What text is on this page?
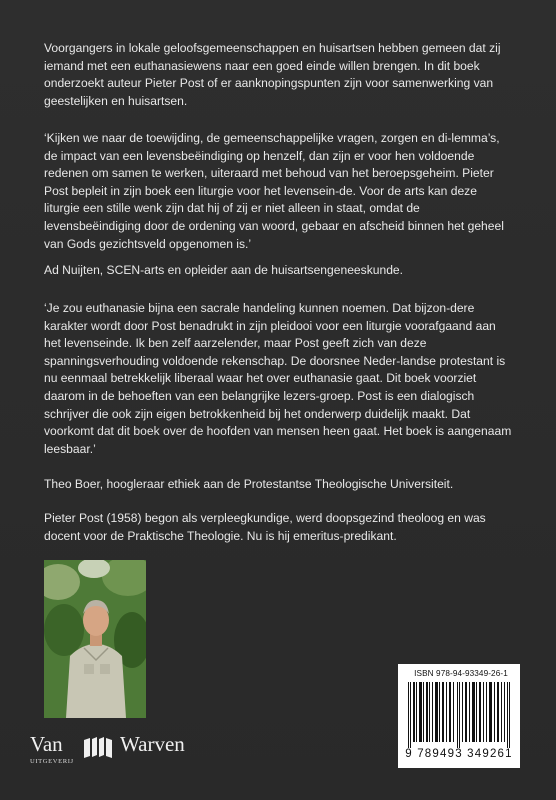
Voorgangers in lokale geloofsgemeenschappen en huisartsen hebben gemeen dat zij iemand met een euthanasiewens naar een goed einde willen brengen. In dit boek onderzoekt auteur Pieter Post of er aanknopingspunten zijn voor samenwerking van geestelijken en huisartsen.

‘Kijken we naar de toewijding, de gemeenschappelijke vragen, zorgen en di-lemma’s, de impact van een levensbeëindiging op henzelf, dan zijn er voor hen voldoende redenen om samen te werken, uiteraard met behoud van het beroepsgeheim. Pieter Post bepleit in zijn boek een liturgie voor het levensein-de. Voor de arts kan deze liturgie een stille wenk zijn dat hij of zij er niet alleen in staat, omdat de levensbeëindiging door de ordening van woord, gebaar en afscheid binnen het geheel van Gods gezichtsveld opgenomen is.’

Ad Nuijten, SCEN-arts en opleider aan de huisartsengeneeskunde.

‘Je zou euthanasie bijna een sacrale handeling kunnen noemen. Dat bijzon-dere karakter wordt door Post benadrukt in zijn pleidooi voor een liturgie voorafgaand aan het levenseinde. Ik ben zelf aarzelender, maar Post geeft zich van deze spanningsverhouding voldoende rekenschap. De doorsnee Neder-landse protestant is nu eenmaal betrekkelijk liberaal waar het over euthanasie gaat. Dit boek voorziet daarom in de behoeften van een belangrijke lezers-groep. Post is een dialogisch schrijver die ook zijn eigen betrokkenheid bij het onderwerp duidelijk maakt. Dat voorkomt dat dit boek over de hoofden van mensen heen gaat. Het boek is aangenaam leesbaar.’

Theo Boer, hoogleraar ethiek aan de Protestantse Theologische Universiteit.

Pieter Post (1958) begon als verpleegkundige, werd doopsgezind theoloog en was docent voor de Praktische Theologie. Nu is hij emeritus-predikant.

ISBN 978-94-93349-26-1
9 789493 349261
Van	Warven
UITGEVERIJ
